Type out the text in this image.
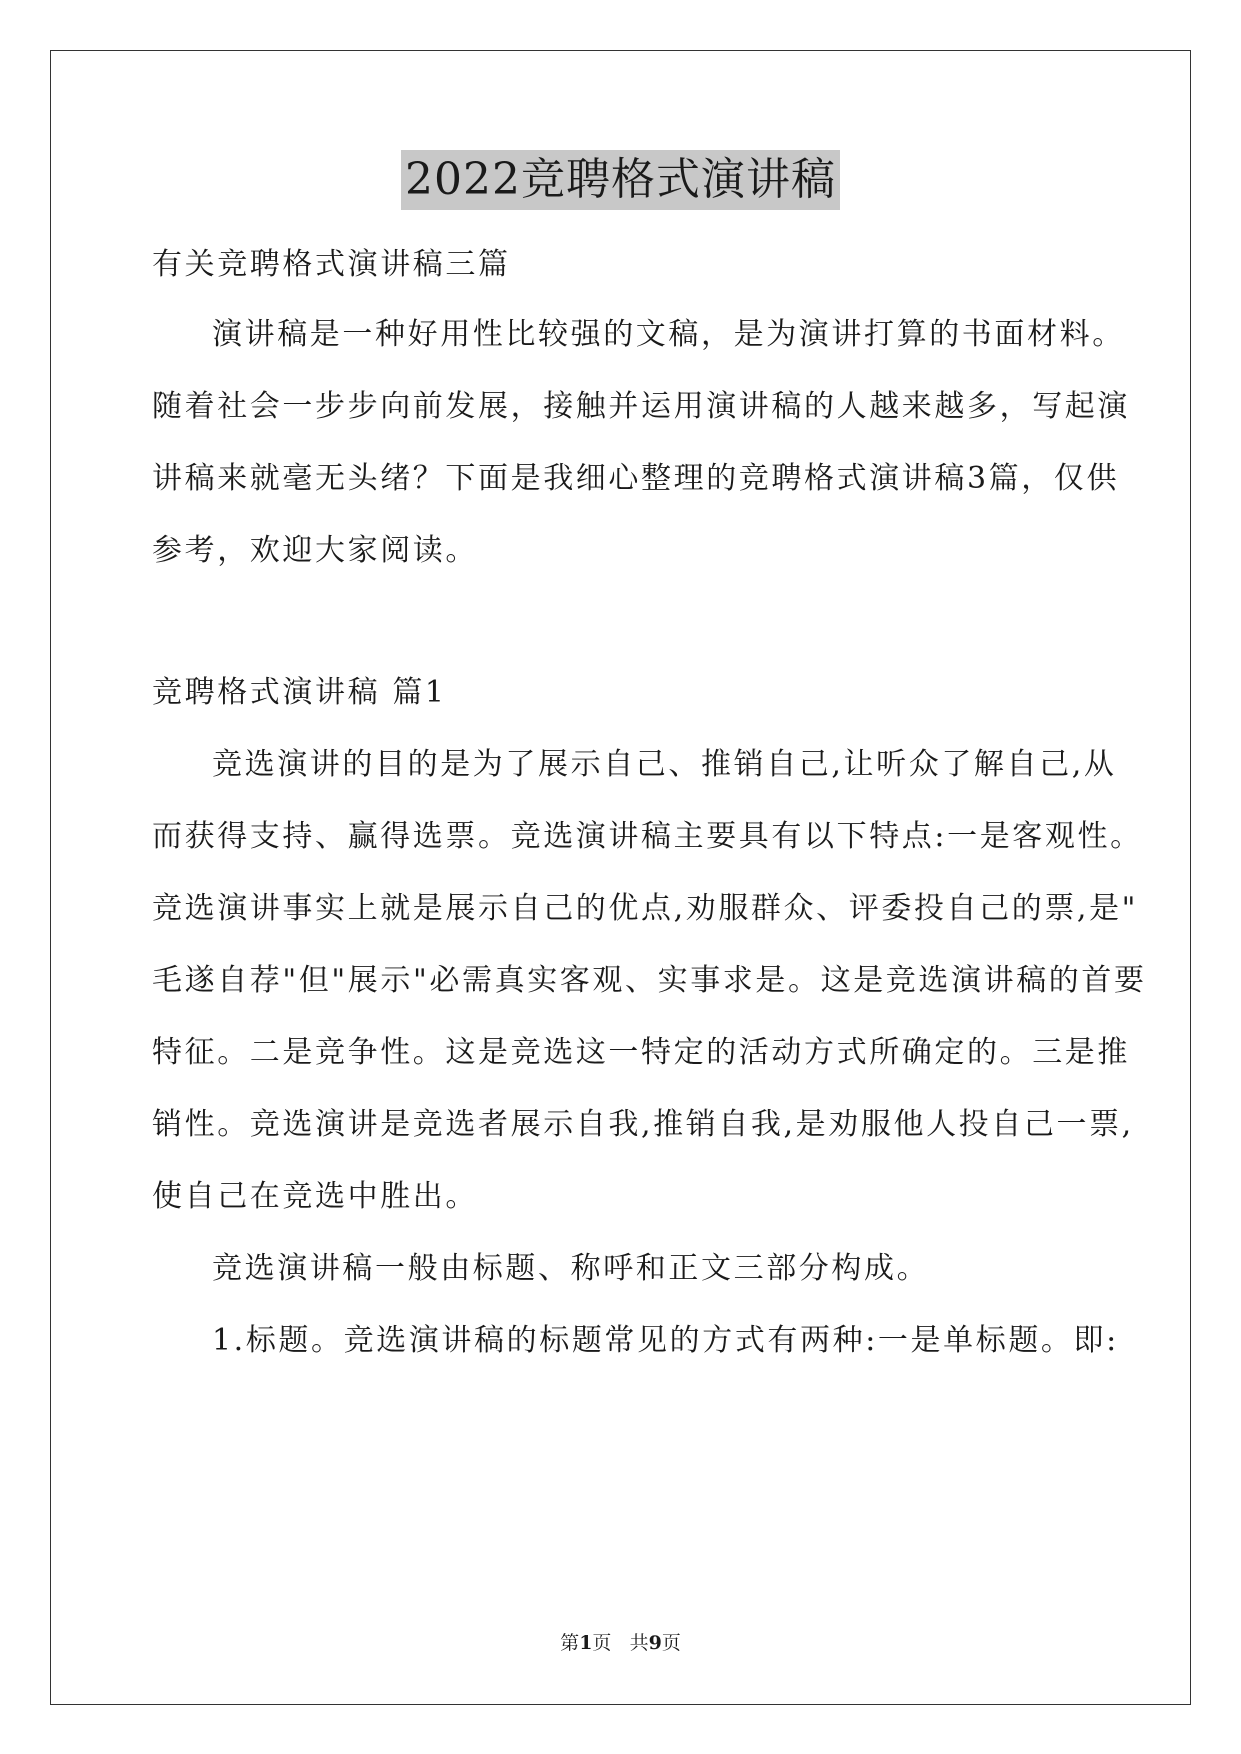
2022竞聘格式演讲稿
有关竞聘格式演讲稿三篇
演讲稿是一种好用性比较强的文稿，是为演讲打算的书面材料。
随着社会一步步向前发展，接触并运用演讲稿的人越来越多，写起演
讲稿来就毫无头绪？下面是我细心整理的竞聘格式演讲稿3篇，仅供
参考，欢迎大家阅读。
竞聘格式演讲稿 篇1
竞选演讲的目的是为了展示自己、推销自己,让听众了解自己,从
而获得支持、赢得选票。竞选演讲稿主要具有以下特点:一是客观性。
竞选演讲事实上就是展示自己的优点,劝服群众、评委投自己的票,是"
毛遂自荐"但"展示"必需真实客观、实事求是。这是竞选演讲稿的首要
特征。二是竞争性。这是竞选这一特定的活动方式所确定的。三是推
销性。竞选演讲是竞选者展示自我,推销自我,是劝服他人投自己一票,
使自己在竞选中胜出。
竞选演讲稿一般由标题、称呼和正文三部分构成。
1.标题。竞选演讲稿的标题常见的方式有两种:一是单标题。即:
第1页 共9页
